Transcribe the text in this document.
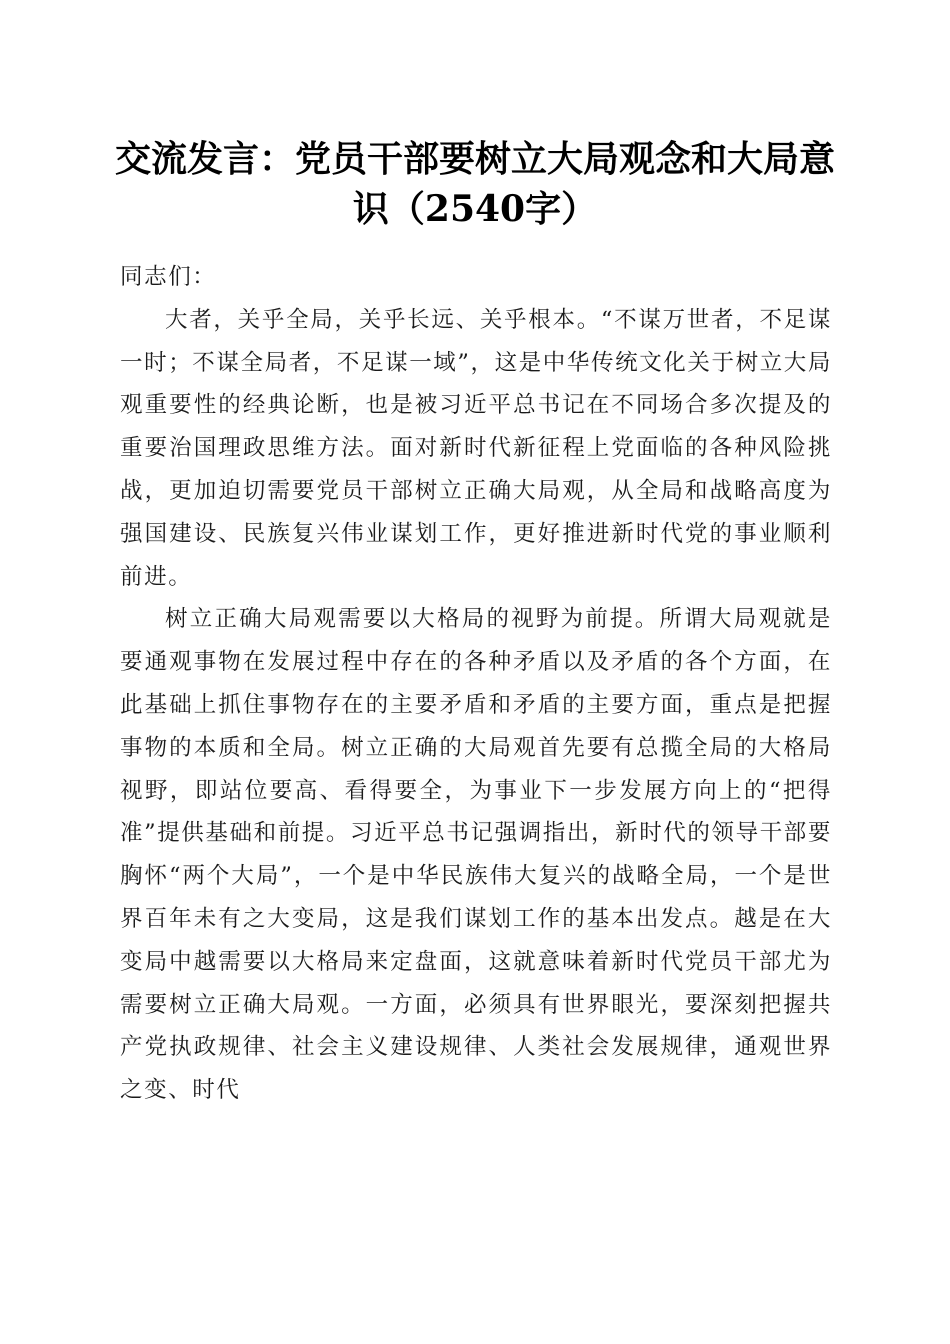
交流发言：党员干部要树立大局观念和大局意识（2540字）

同志们：

大者，关乎全局，关乎长远、关乎根本。“不谋万世者，不足谋一时；不谋全局者，不足谋一域”，这是中华传统文化关于树立大局观重要性的经典论断，也是被习近平总书记在不同场合多次提及的重要治国理政思维方法。面对新时代新征程上党面临的各种风险挑战，更加迫切需要党员干部树立正确大局观，从全局和战略高度为强国建设、民族复兴伟业谋划工作，更好推进新时代党的事业顺利前进。

树立正确大局观需要以大格局的视野为前提。所谓大局观就是要通观事物在发展过程中存在的各种矛盾以及矛盾的各个方面，在此基础上抓住事物存在的主要矛盾和矛盾的主要方面，重点是把握事物的本质和全局。树立正确的大局观首先要有总揽全局的大格局视野，即站位要高、看得要全，为事业下一步发展方向上的“把得准”提供基础和前提。习近平总书记强调指出，新时代的领导干部要胸怀“两个大局”，一个是中华民族伟大复兴的战略全局，一个是世界百年未有之大变局，这是我们谋划工作的基本出发点。越是在大变局中越需要以大格局来定盘面，这就意味着新时代党员干部尤为需要树立正确大局观。一方面，必须具有世界眼光，要深刻把握共产党执政规律、社会主义建设规律、人类社会发展规律，通观世界之变、时代
